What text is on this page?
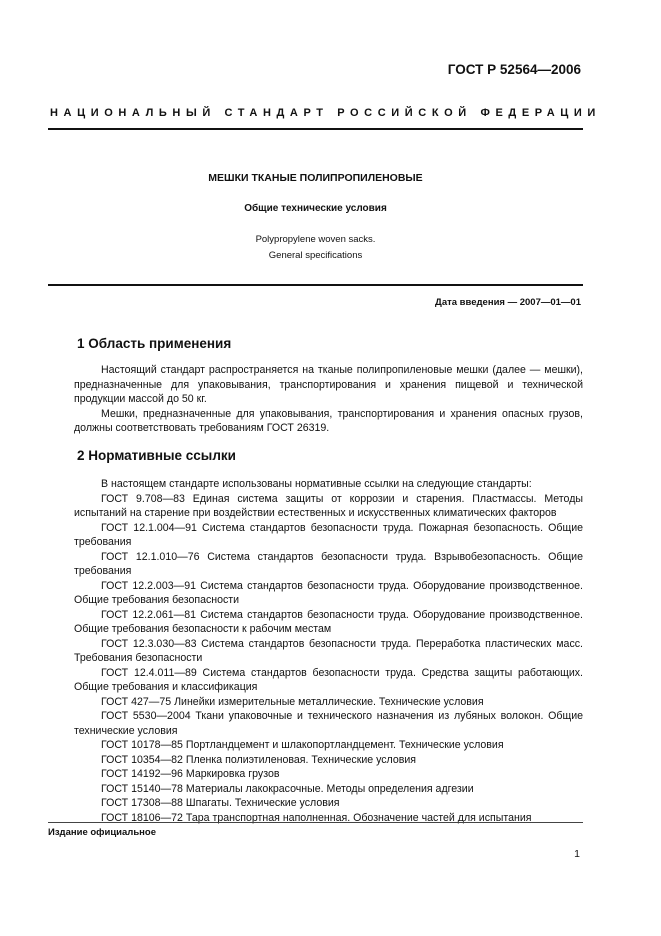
ГОСТ Р 52564—2006
НАЦИОНАЛЬНЫЙ СТАНДАРТ РОССИЙСКОЙ ФЕДЕРАЦИИ
МЕШКИ ТКАНЫЕ ПОЛИПРОПИЛЕНОВЫЕ
Общие технические условия
Polypropylene woven sacks.
General specifications
Дата введения — 2007—01—01
1 Область применения

Настоящий стандарт распространяется на тканые полипропиленовые мешки (далее — мешки), предназначенные для упаковывания, транспортирования и хранения пищевой и технической продукции массой до 50 кг.

Мешки, предназначенные для упаковывания, транспортирования и хранения опасных грузов, должны соответствовать требованиям ГОСТ 26319.

2 Нормативные ссылки

В настоящем стандарте использованы нормативные ссылки на следующие стандарты:

ГОСТ 9.708—83 Единая система защиты от коррозии и старения. Пластмассы. Методы испытаний на старение при воздействии естественных и искусственных климатических факторов
ГОСТ 12.1.004—91 Система стандартов безопасности труда. Пожарная безопасность. Общие требования
ГОСТ 12.1.010—76 Система стандартов безопасности труда. Взрывобезопасность. Общие требования
ГОСТ 12.2.003—91 Система стандартов безопасности труда. Оборудование производственное. Общие требования безопасности
ГОСТ 12.2.061—81 Система стандартов безопасности труда. Оборудование производственное. Общие требования безопасности к рабочим местам
ГОСТ 12.3.030—83 Система стандартов безопасности труда. Переработка пластических масс. Требования безопасности
ГОСТ 12.4.011—89 Система стандартов безопасности труда. Средства защиты работающих. Общие требования и классификация
ГОСТ 427—75 Линейки измерительные металлические. Технические условия
ГОСТ 5530—2004 Ткани упаковочные и технического назначения из лубяных волокон. Общие технические условия
ГОСТ 10178—85 Портландцемент и шлакопортландцемент. Технические условия
ГОСТ 10354—82 Пленка полиэтиленовая. Технические условия
ГОСТ 14192—96 Маркировка грузов
ГОСТ 15140—78 Материалы лакокрасочные. Методы определения адгезии
ГОСТ 17308—88 Шпагаты. Технические условия
ГОСТ 18106—72 Тара транспортная наполненная. Обозначение частей для испытания
Издание официальное
1
